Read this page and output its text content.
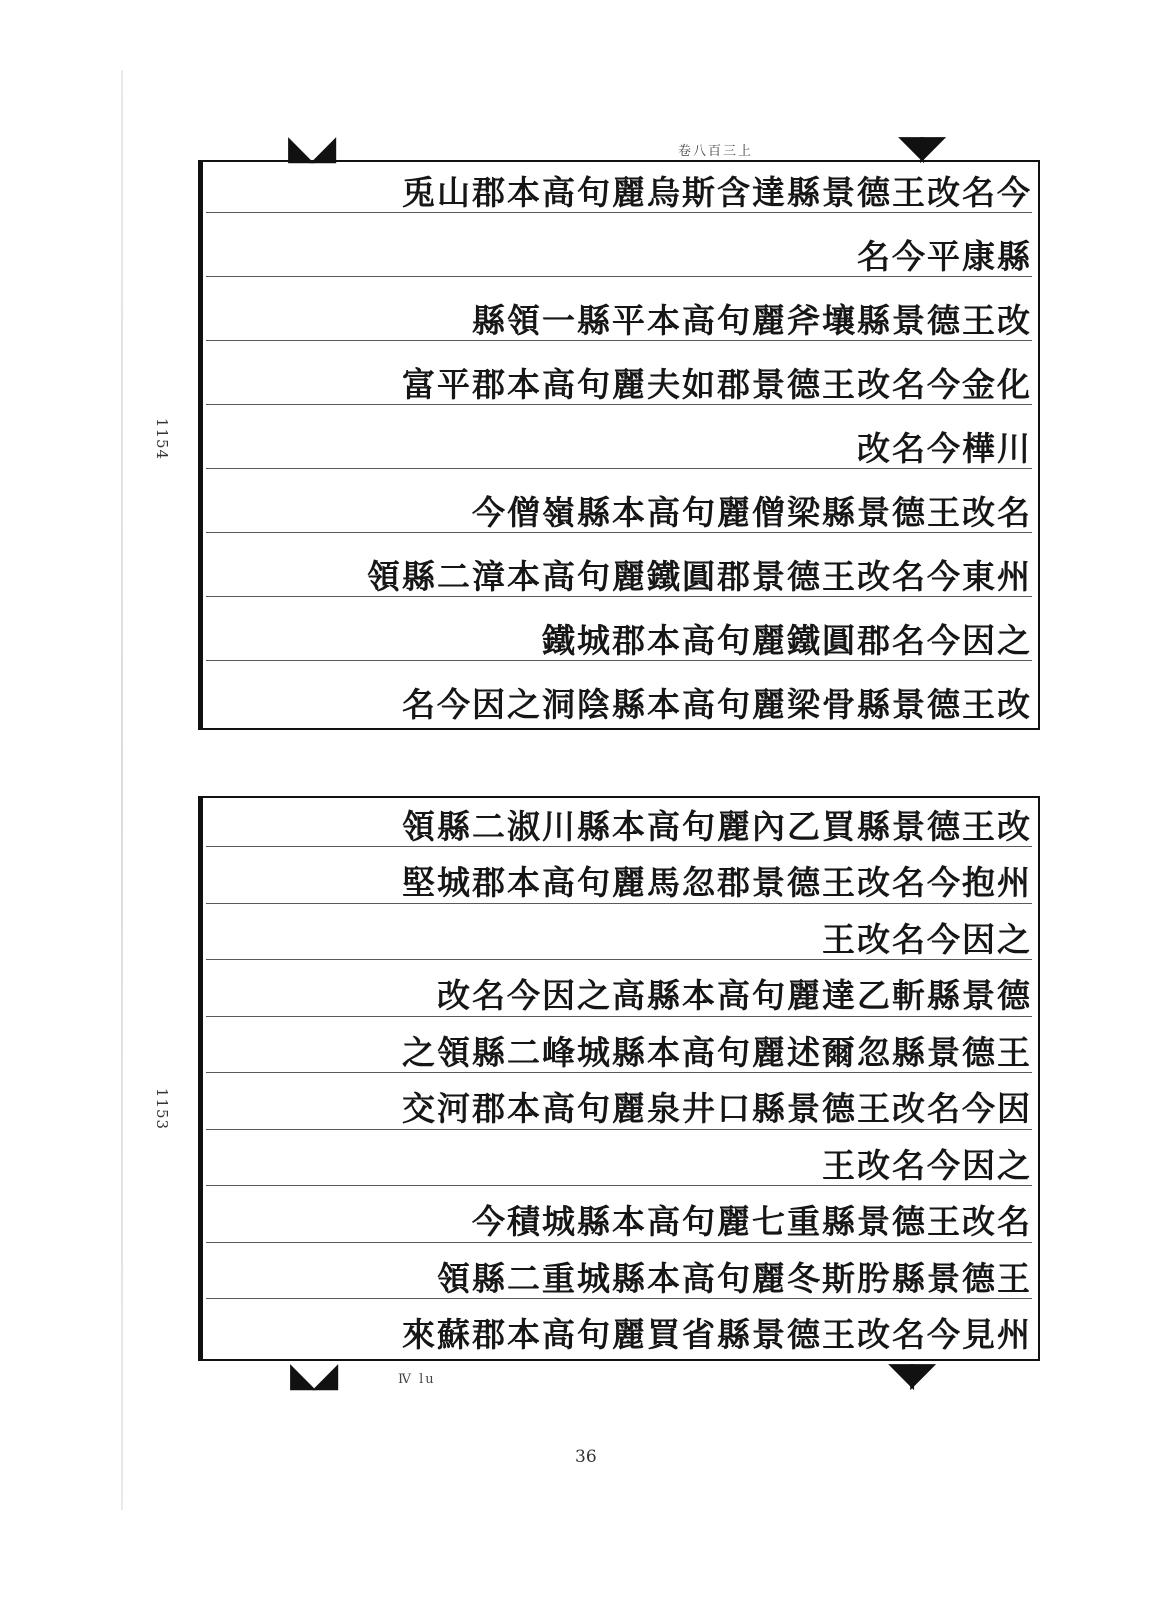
1154
1153
◣◢	卷八百三上	◥◤
兎山郡本高句麗烏斯含達縣景德王改名今
名今平康縣
縣領一縣平本高句麗斧壤縣景德王改
富平郡本高句麗夫如郡景德王改名今金化
改名今樺川
今僧嶺縣本高句麗僧梁縣景德王改名
領縣二漳本高句麗鐵圓郡景德王改名今東州
鐵城郡本高句麗鐵圓郡名今因之
名今因之洞陰縣本高句麗梁骨縣景德王改
領縣二淑川縣本高句麗內乙買縣景德王改
堅城郡本高句麗馬忽郡景德王改名今抱州
王改名今因之
改名今因之高縣本高句麗達乙斬縣景德
之領縣二峰城縣本高句麗述爾忽縣景德王
交河郡本高句麗泉井口縣景德王改名今因
王改名今因之
今積城縣本高句麗七重縣景德王改名
領縣二重城縣本高句麗冬斯肹縣景德王
來蘇郡本高句麗買省縣景德王改名今見州
◣◢	Ⅳ lu	◥◤
36
